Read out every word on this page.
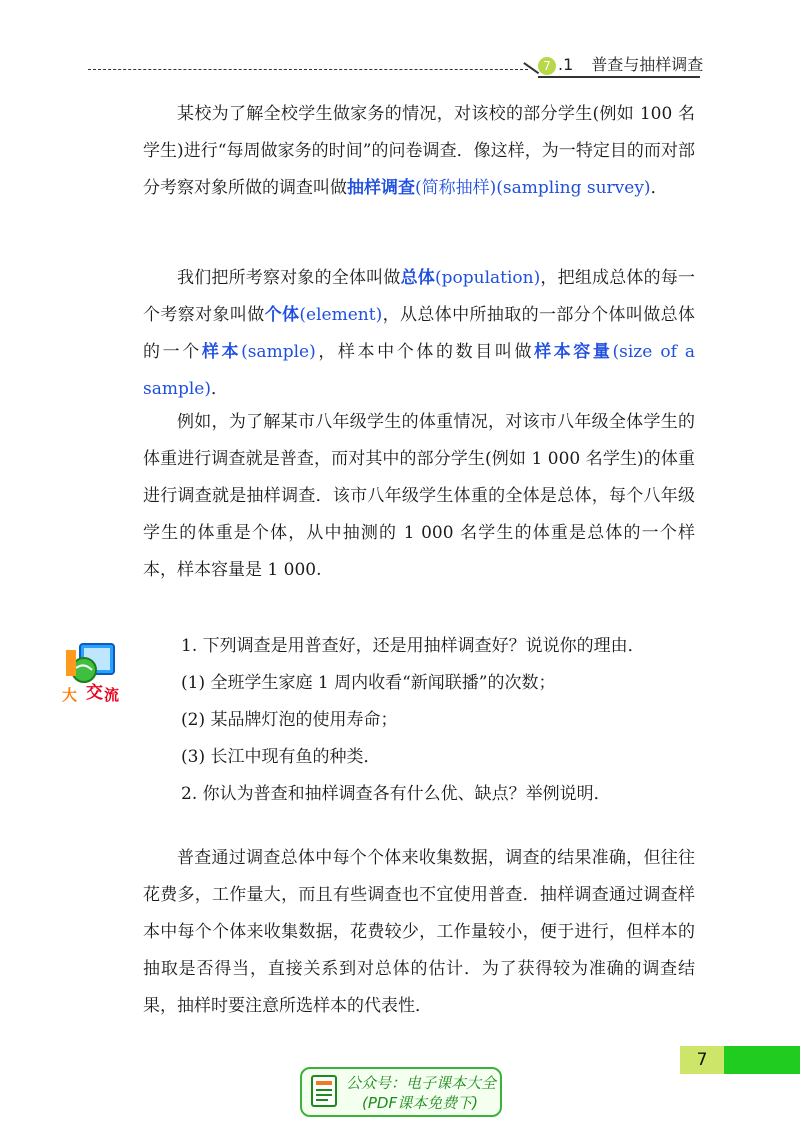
7 .1 普查与抽样调查

某校为了解全校学生做家务的情况，对该校的部分学生(例如 100 名学生)进行“每周做家务的时间”的问卷调查．像这样，为一特定目的而对部分考察对象所做的调查叫做抽样调查(简称抽样)(sampling survey)．

我们把所考察对象的全体叫做总体(population)，把组成总体的每一个考察对象叫做个体(element)，从总体中所抽取的一部分个体叫做总体的一个样本(sample)，样本中个体的数目叫做样本容量(size of a sample)．

例如，为了解某市八年级学生的体重情况，对该市八年级全体学生的体重进行调查就是普查，而对其中的部分学生(例如 1 000 名学生)的体重进行调查就是抽样调查．该市八年级学生体重的全体是总体，每个八年级学生的体重是个体，从中抽测的 1 000 名学生的体重是总体的一个样本，样本容量是 1 000.

大 交 流
1. 下列调查是用普查好，还是用抽样调查好？说说你的理由．
(1) 全班学生家庭 1 周内收看“新闻联播”的次数；
(2) 某品牌灯泡的使用寿命；
(3) 长江中现有鱼的种类．
2. 你认为普查和抽样调查各有什么优、缺点？举例说明．

普查通过调查总体中每个个体来收集数据，调查的结果准确，但往往花费多，工作量大，而且有些调查也不宜使用普查．抽样调查通过调查样本中每个个体来收集数据，花费较少，工作量较小，便于进行，但样本的抽取是否得当，直接关系到对总体的估计．为了获得较为准确的调查结果，抽样时要注意所选样本的代表性．

7
公众号：电子课本大全
(PDF课本免费下)
